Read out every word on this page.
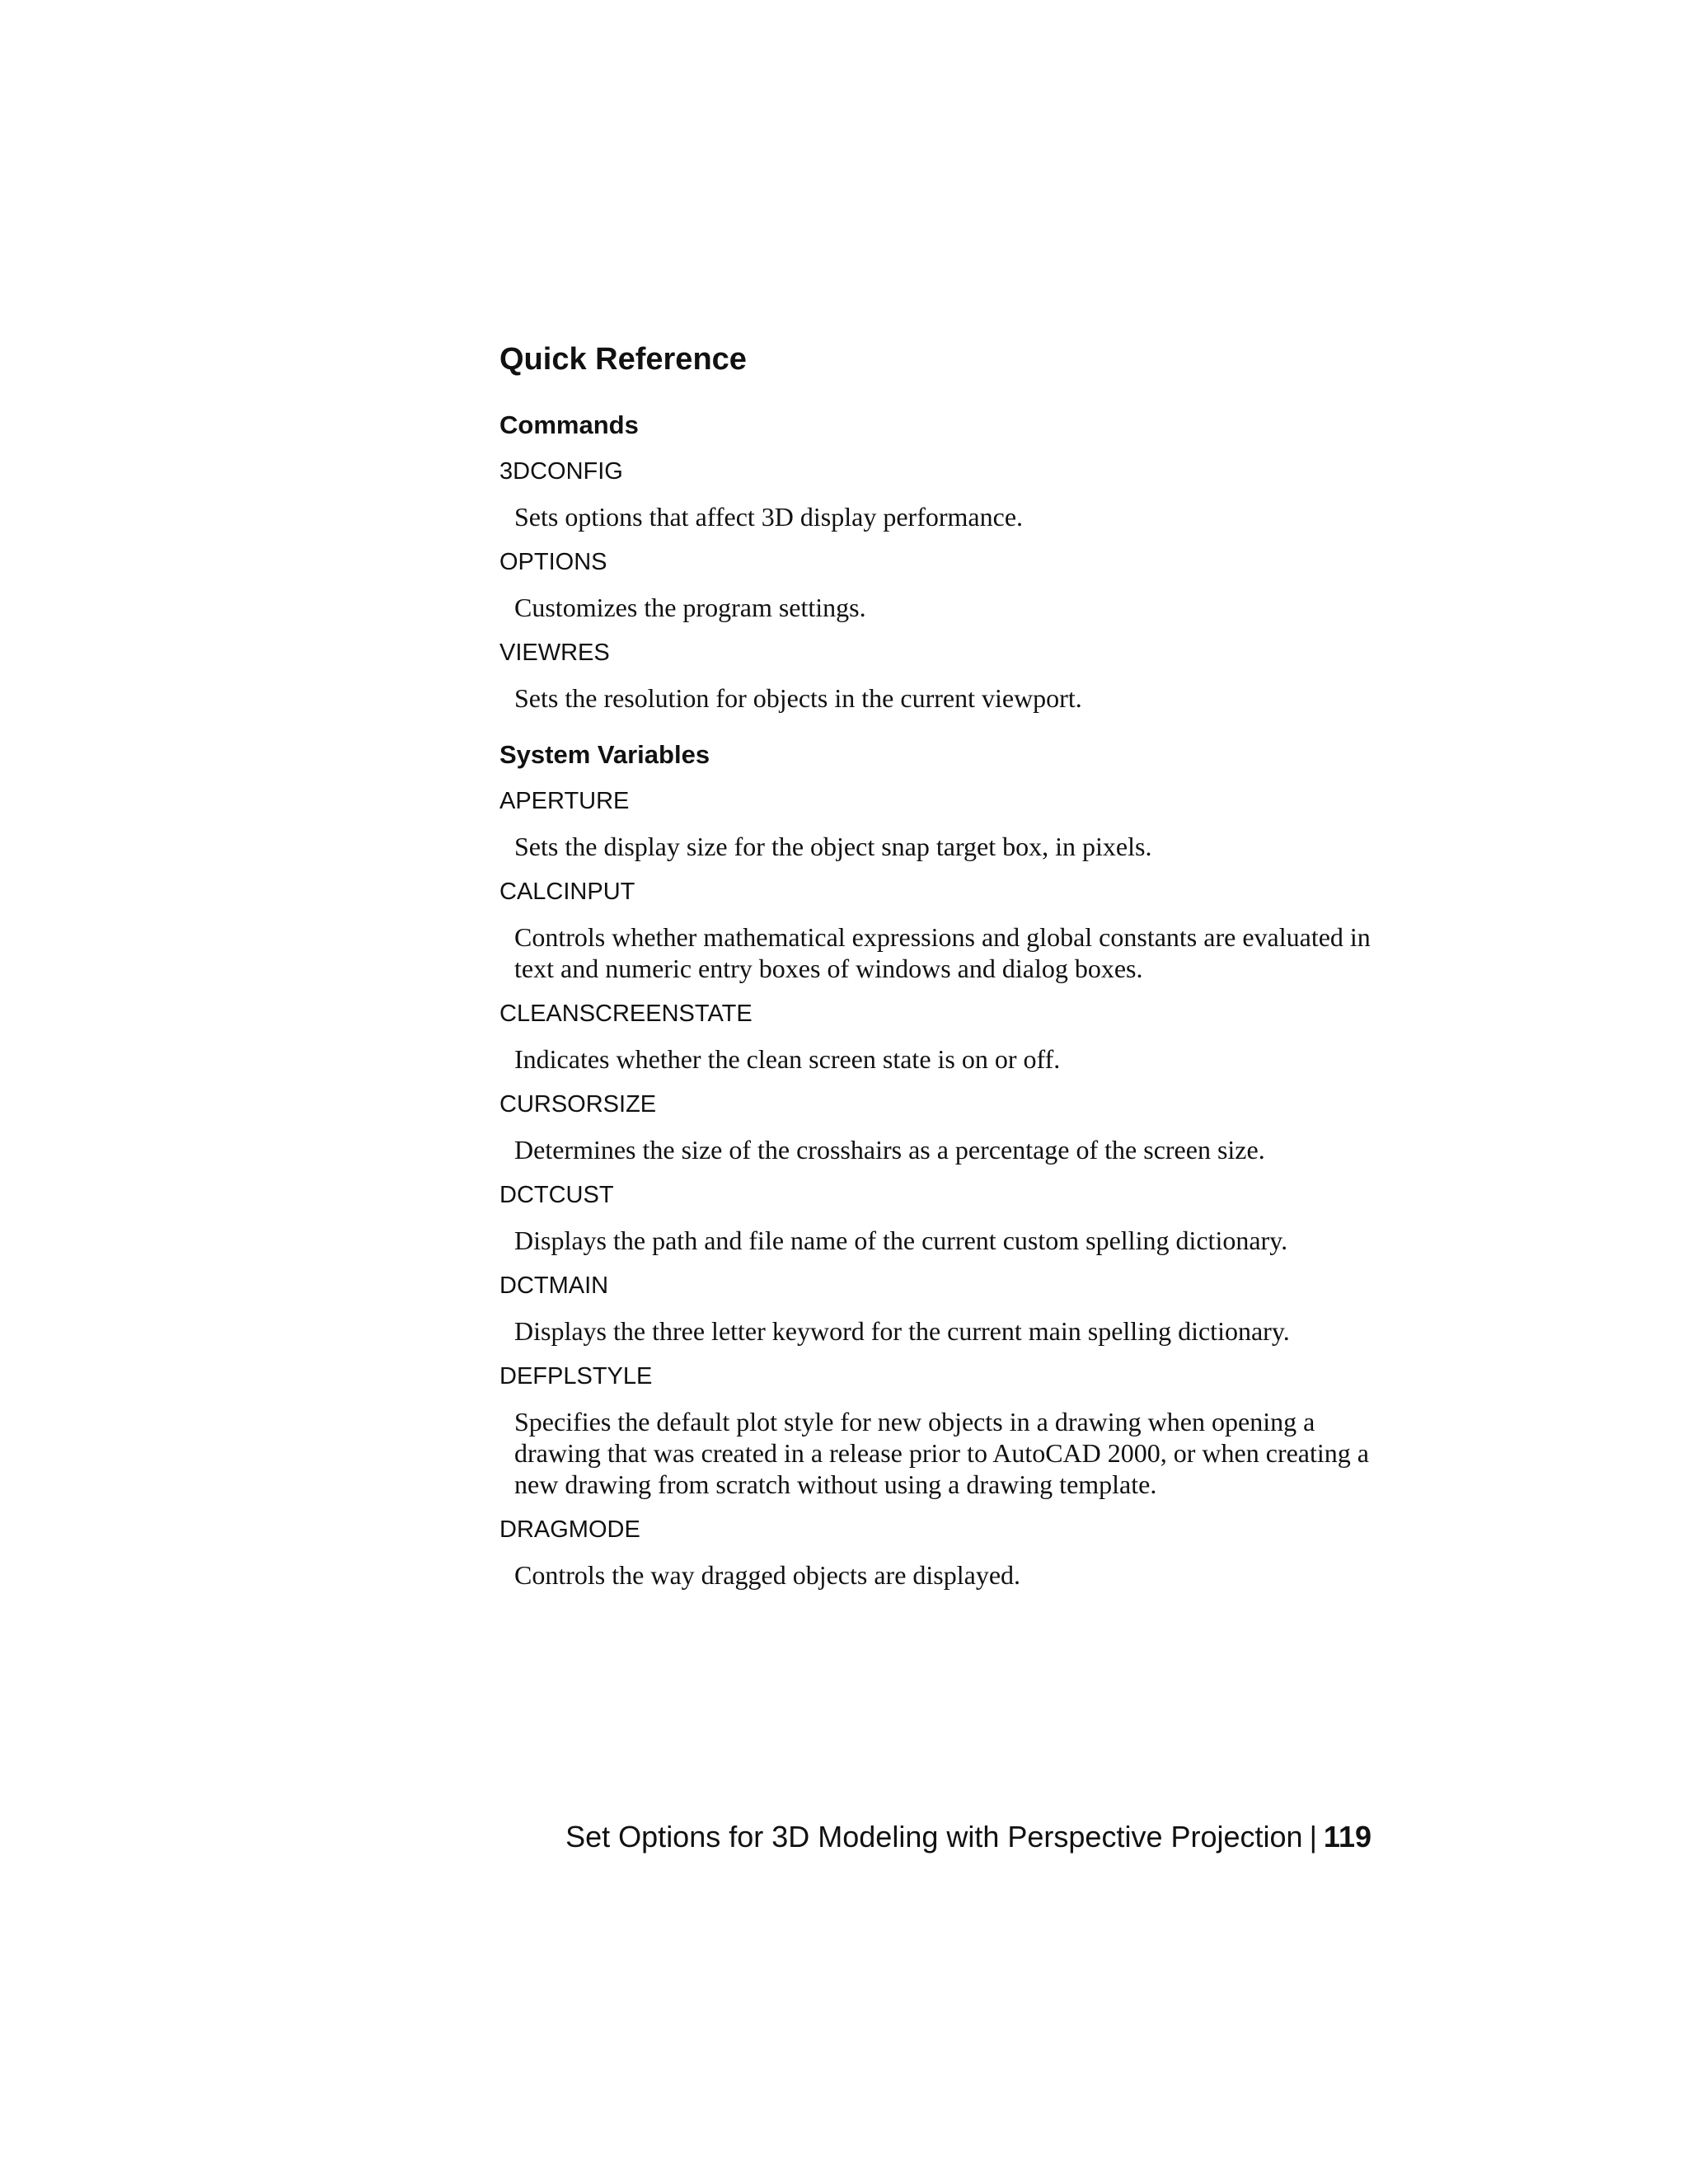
Quick Reference
Commands
3DCONFIG
Sets options that affect 3D display performance.
OPTIONS
Customizes the program settings.
VIEWRES
Sets the resolution for objects in the current viewport.
System Variables
APERTURE
Sets the display size for the object snap target box, in pixels.
CALCINPUT
Controls whether mathematical expressions and global constants are evaluated in text and numeric entry boxes of windows and dialog boxes.
CLEANSCREENSTATE
Indicates whether the clean screen state is on or off.
CURSORSIZE
Determines the size of the crosshairs as a percentage of the screen size.
DCTCUST
Displays the path and file name of the current custom spelling dictionary.
DCTMAIN
Displays the three letter keyword for the current main spelling dictionary.
DEFPLSTYLE
Specifies the default plot style for new objects in a drawing when opening a drawing that was created in a release prior to AutoCAD 2000, or when creating a new drawing from scratch without using a drawing template.
DRAGMODE
Controls the way dragged objects are displayed.
Set Options for 3D Modeling with Perspective Projection | 119
